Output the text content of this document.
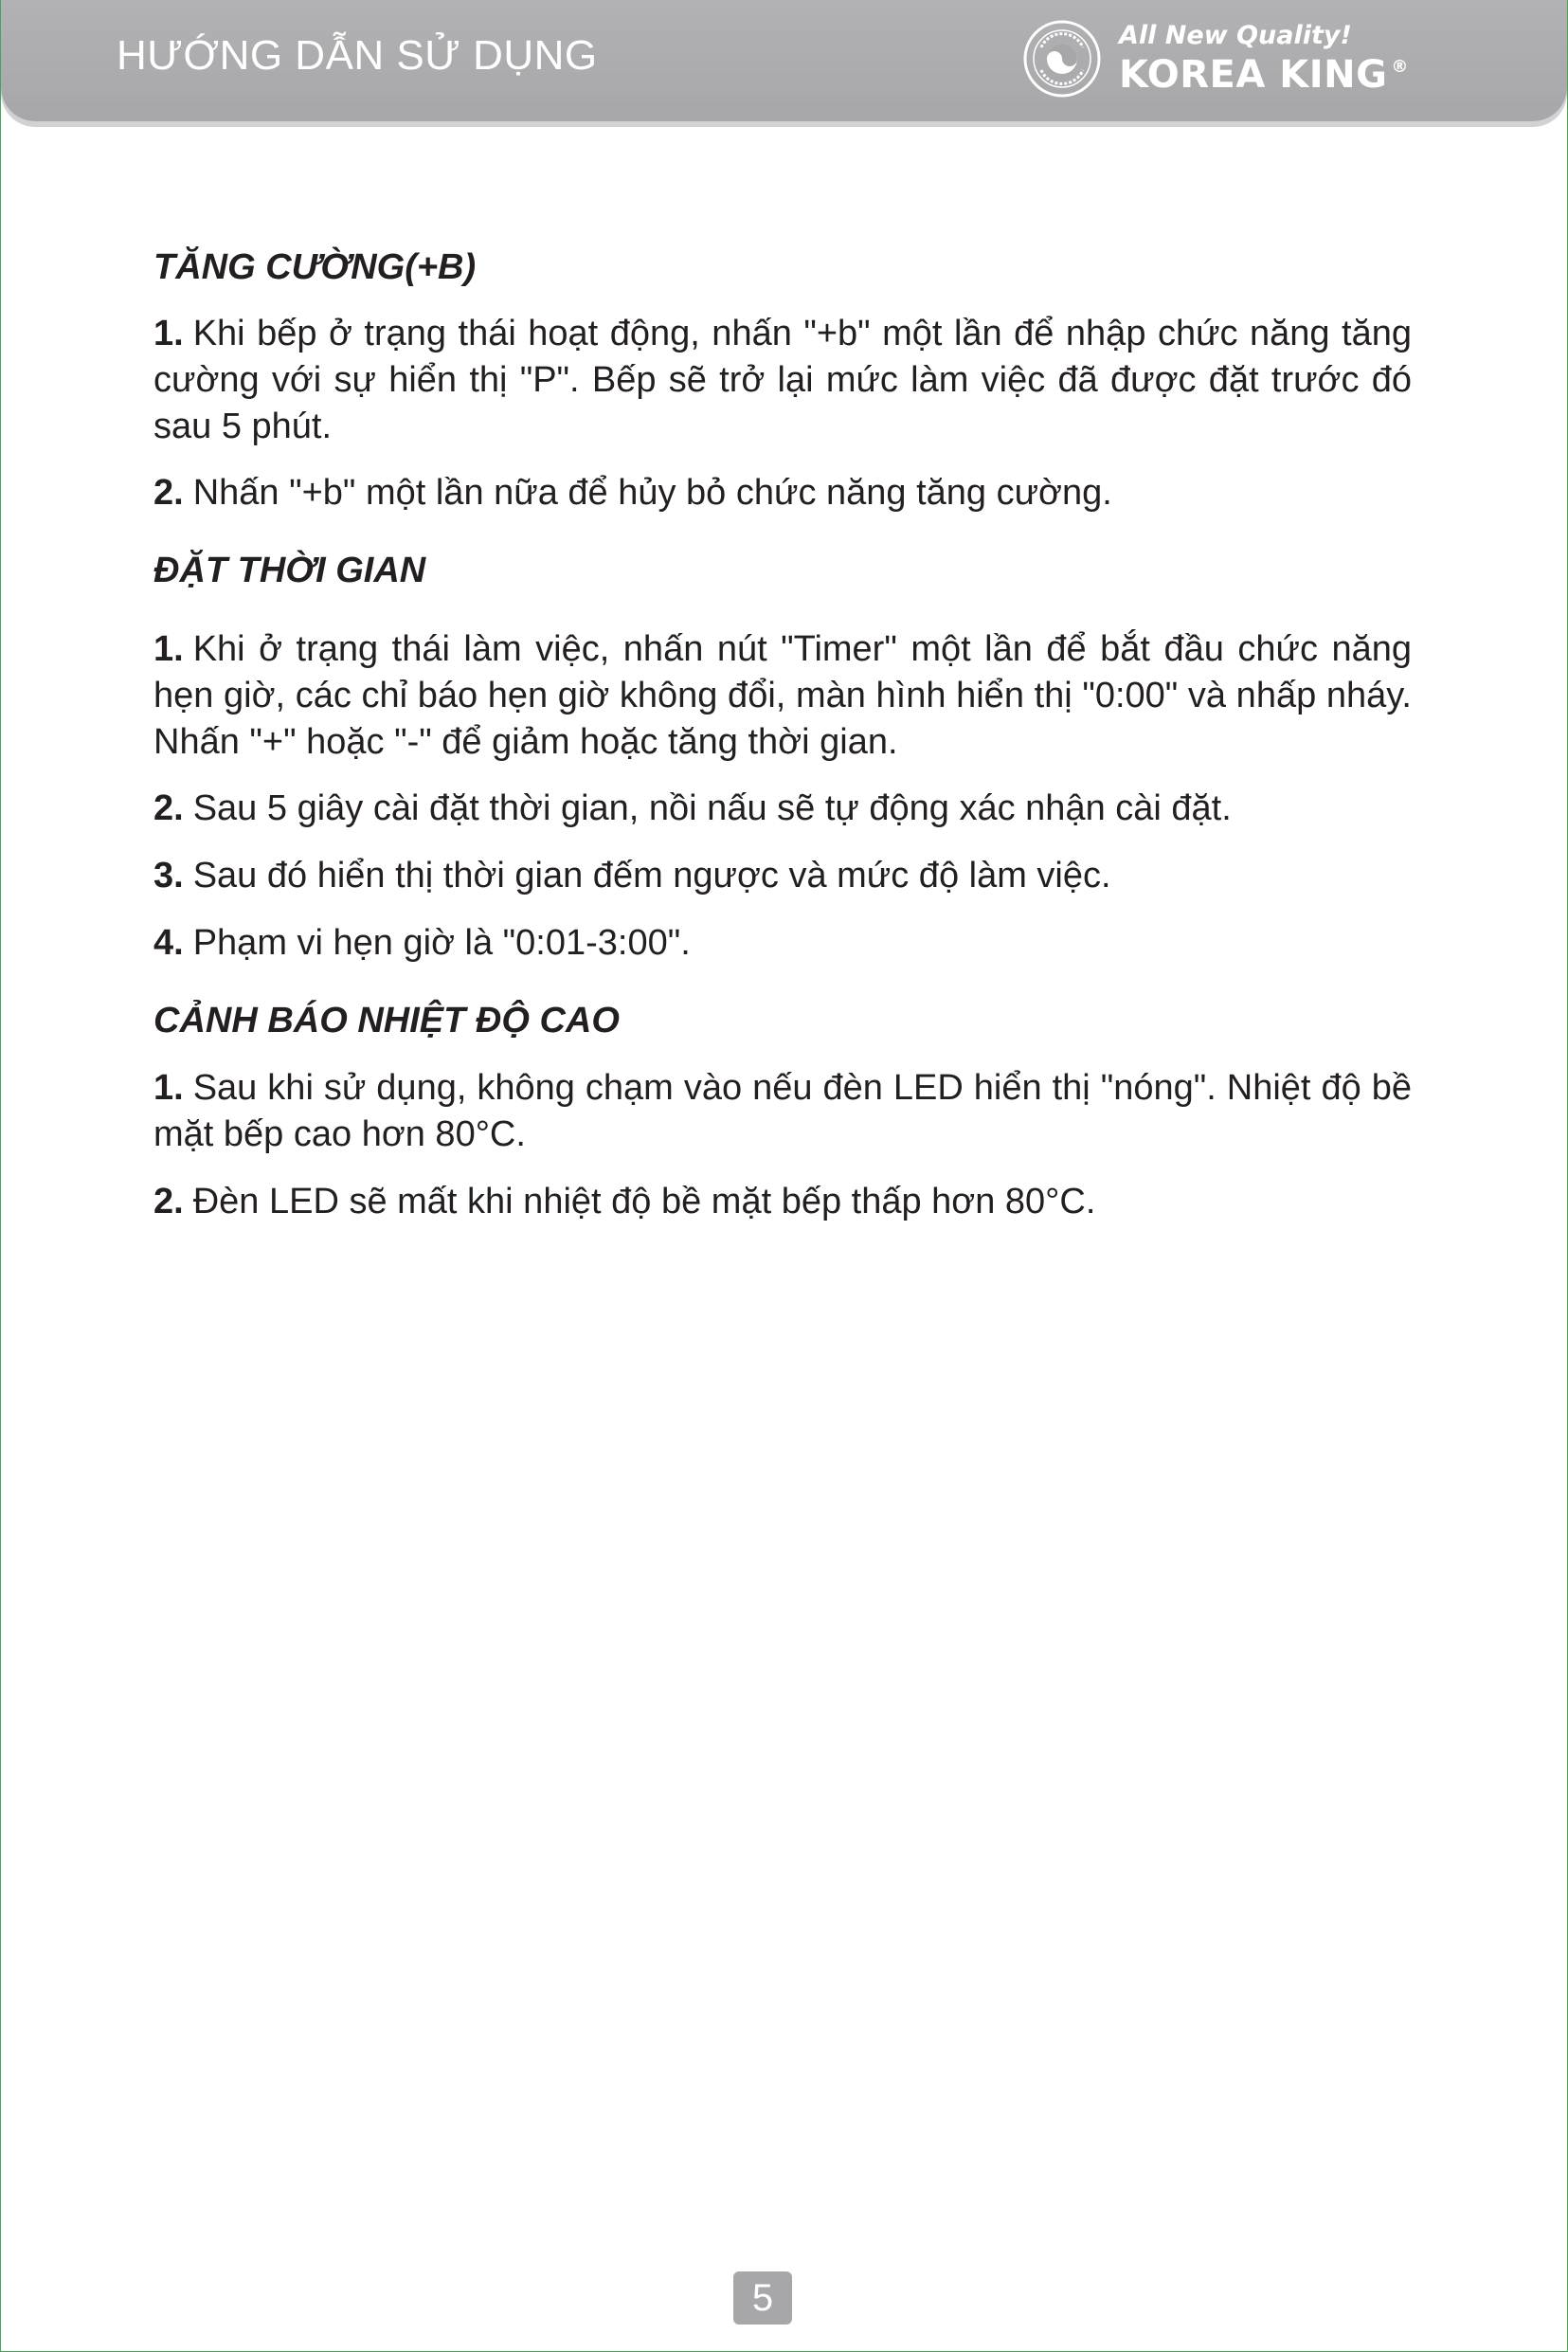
HƯỚNG DẪN SỬ DỤNG	All New Quality!
KOREA KING ®

TĂNG CƯỜNG(+B)

1. Khi bếp ở trạng thái hoạt động, nhấn "+b" một lần để nhập chức năng tăng cường với sự hiển thị "P". Bếp sẽ trở lại mức làm việc đã được đặt trước đó sau 5 phút.

2. Nhấn "+b" một lần nữa để hủy bỏ chức năng tăng cường.

ĐẶT THỜI GIAN

1. Khi ở trạng thái làm việc, nhấn nút "Timer" một lần để bắt đầu chức năng hẹn giờ, các chỉ báo hẹn giờ không đổi, màn hình hiển thị "0:00" và nhấp nháy. Nhấn "+" hoặc "-" để giảm hoặc tăng thời gian.

2. Sau 5 giây cài đặt thời gian, nồi nấu sẽ tự động xác nhận cài đặt.

3. Sau đó hiển thị thời gian đếm ngược và mức độ làm việc.

4. Phạm vi hẹn giờ là "0:01-3:00".

CẢNH BÁO NHIỆT ĐỘ CAO

1. Sau khi sử dụng, không chạm vào nếu đèn LED hiển thị "nóng". Nhiệt độ bề mặt bếp cao hơn 80°C.

2. Đèn LED sẽ mất khi nhiệt độ bề mặt bếp thấp hơn 80°C.

5
